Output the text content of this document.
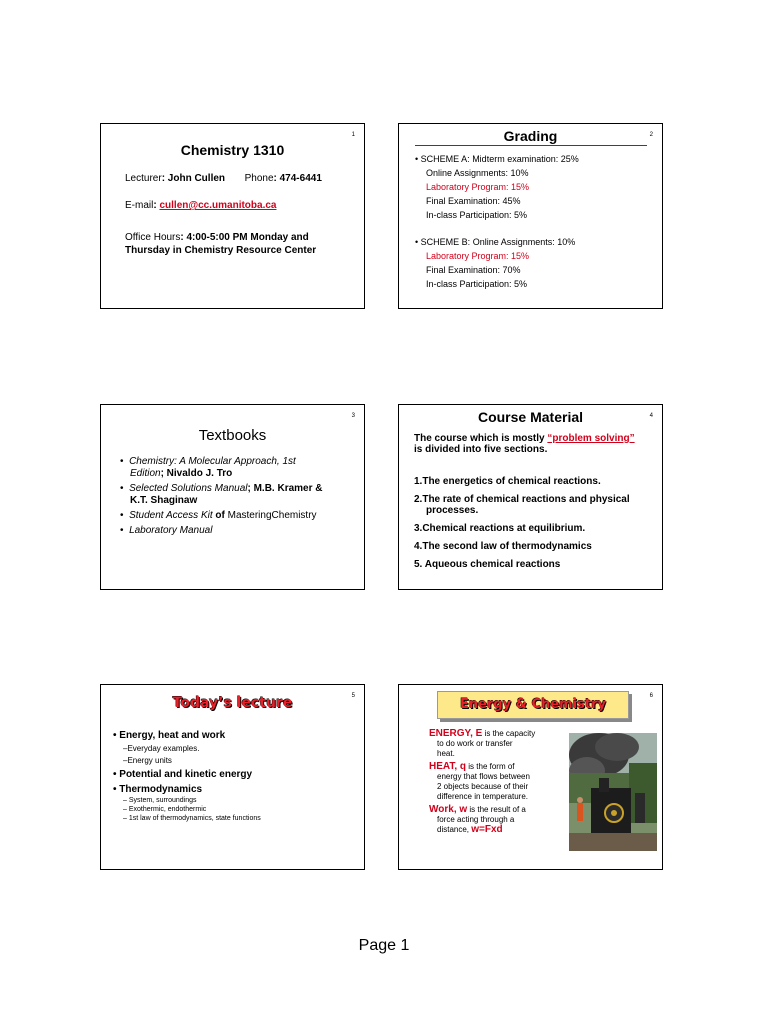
1
Chemistry 1310
Lecturer: John Cullen Phone: 474-6441
E-mail: cullen@cc.umanitoba.ca
Office Hours: 4:00-5:00 PM Monday and
Thursday in Chemistry Resource Center
2
Grading
• SCHEME A: Midterm examination: 25%
Online Assignments: 10%
Laboratory Program: 15%
Final Examination: 45%
In-class Participation: 5%
• SCHEME B: Online Assignments: 10%
Laboratory Program: 15%
Final Examination: 70%
In-class Participation: 5%
3
Textbooks
•  Chemistry: A Molecular Approach, 1st
Edition; Nivaldo J. Tro
•  Selected Solutions Manual; M.B. Kramer &
K.T. Shaginaw
•  Student Access Kit of MasteringChemistry
•  Laboratory Manual
4
Course Material
The course which is mostly “problem solving”
is divided into five sections.
1.The energetics of chemical reactions.
2.The rate of chemical reactions and physical
processes.
3.Chemical reactions at equilibrium.
4.The second law of thermodynamics
5. Aqueous chemical reactions
5
Today’s lecture
• Energy, heat and work
–Everyday examples.
–Energy units
• Potential and kinetic energy
• Thermodynamics
– System, surroundings
– Exothermic, endothermic
– 1st law of thermodynamics, state functions
6
Energy & Chemistry
ENERGY, E is the capacity
to do work or transfer
heat.
HEAT, q is the form of
energy that flows between
2 objects because of their
difference in temperature.
Work, w is the result of a
force acting through a
distance, w=Fxd
Page 1
